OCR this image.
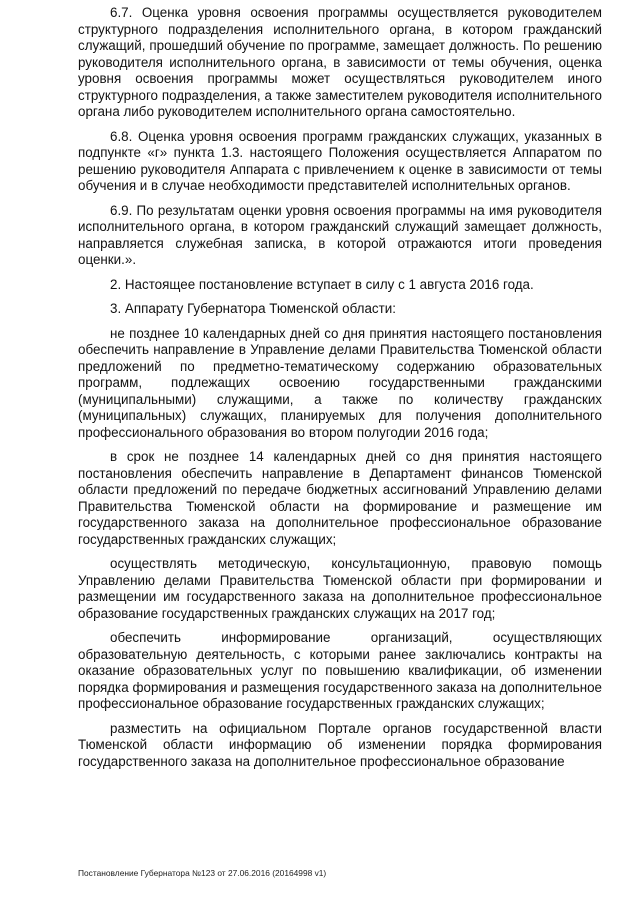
6.7. Оценка уровня освоения программы осуществляется руководителем структурного подразделения исполнительного органа, в котором гражданский служащий, прошедший обучение по программе, замещает должность. По решению руководителя исполнительного органа, в зависимости от темы обучения, оценка уровня освоения программы может осуществляться руководителем иного структурного подразделения, а также заместителем руководителя исполнительного органа либо руководителем исполнительного органа самостоятельно.

6.8. Оценка уровня освоения программ гражданских служащих, указанных в подпункте «г» пункта 1.3. настоящего Положения осуществляется Аппаратом по решению руководителя Аппарата с привлечением к оценке в зависимости от темы обучения и в случае необходимости представителей исполнительных органов.

6.9. По результатам оценки уровня освоения программы на имя руководителя исполнительного органа, в котором гражданский служащий замещает должность, направляется служебная записка, в которой отражаются итоги проведения оценки.».

2. Настоящее постановление вступает в силу с 1 августа 2016 года.

3. Аппарату Губернатора Тюменской области:

не позднее 10 календарных дней со дня принятия настоящего постановления обеспечить направление в Управление делами Правительства Тюменской области предложений по предметно-тематическому содержанию образовательных программ, подлежащих освоению государственными гражданскими (муниципальными) служащими, а также по количеству гражданских (муниципальных) служащих, планируемых для получения дополнительного профессионального образования во втором полугодии 2016 года;

в срок не позднее 14 календарных дней со дня принятия настоящего постановления обеспечить направление в Департамент финансов Тюменской области предложений по передаче бюджетных ассигнований Управлению делами Правительства Тюменской области на формирование и размещение им государственного заказа на дополнительное профессиональное образование государственных гражданских служащих;

осуществлять методическую, консультационную, правовую помощь Управлению делами Правительства Тюменской области при формировании и размещении им государственного заказа на дополнительное профессиональное образование государственных гражданских служащих на 2017 год;

обеспечить информирование организаций, осуществляющих образовательную деятельность, с которыми ранее заключались контракты на оказание образовательных услуг по повышению квалификации, об изменении порядка формирования и размещения государственного заказа на дополнительное профессиональное образование государственных гражданских служащих;

разместить на официальном Портале органов государственной власти Тюменской области информацию об изменении порядка формирования государственного заказа на дополнительное профессиональное образование

Постановление Губернатора №123 от 27.06.2016 (20164998 v1)
